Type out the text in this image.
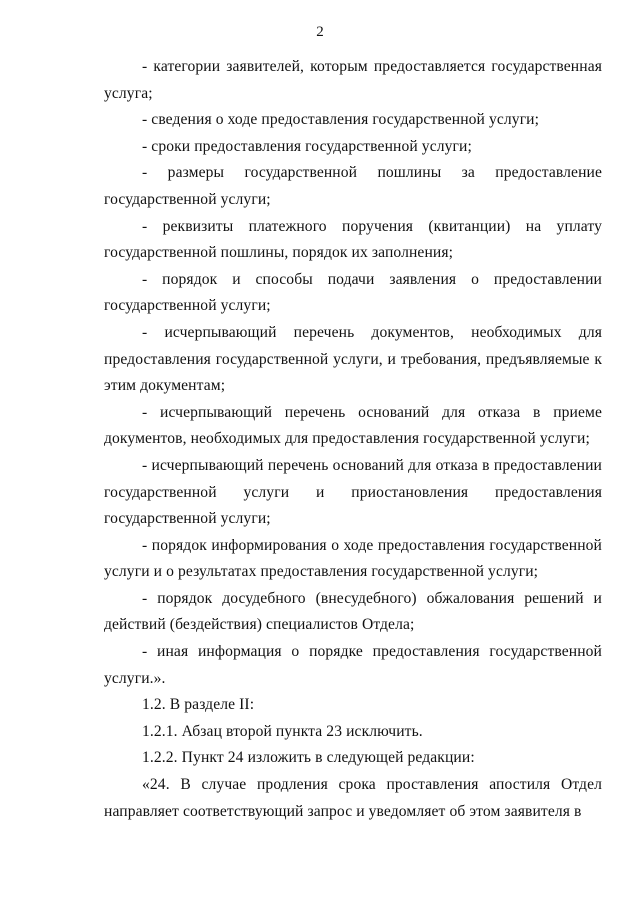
2

- категории заявителей, которым предоставляется государственная услуга;

- сведения о ходе предоставления государственной услуги;

- сроки предоставления государственной услуги;

- размеры государственной пошлины за предоставление государственной услуги;

- реквизиты платежного поручения (квитанции) на уплату государственной пошлины, порядок их заполнения;

- порядок и способы подачи заявления о предоставлении государственной услуги;

- исчерпывающий перечень документов, необходимых для предоставления государственной услуги, и требования, предъявляемые к этим документам;

- исчерпывающий перечень оснований для отказа в приеме документов, необходимых для предоставления государственной услуги;

- исчерпывающий перечень оснований для отказа в предоставлении государственной услуги и приостановления предоставления государственной услуги;

- порядок информирования о ходе предоставления государственной услуги и о результатах предоставления государственной услуги;

- порядок досудебного (внесудебного) обжалования решений и действий (бездействия) специалистов Отдела;

- иная информация о порядке предоставления государственной услуги.».

1.2. В разделе II:

1.2.1. Абзац второй пункта 23 исключить.

1.2.2. Пункт 24 изложить в следующей редакции:

«24. В случае продления срока проставления апостиля Отдел направляет соответствующий запрос и уведомляет об этом заявителя в
